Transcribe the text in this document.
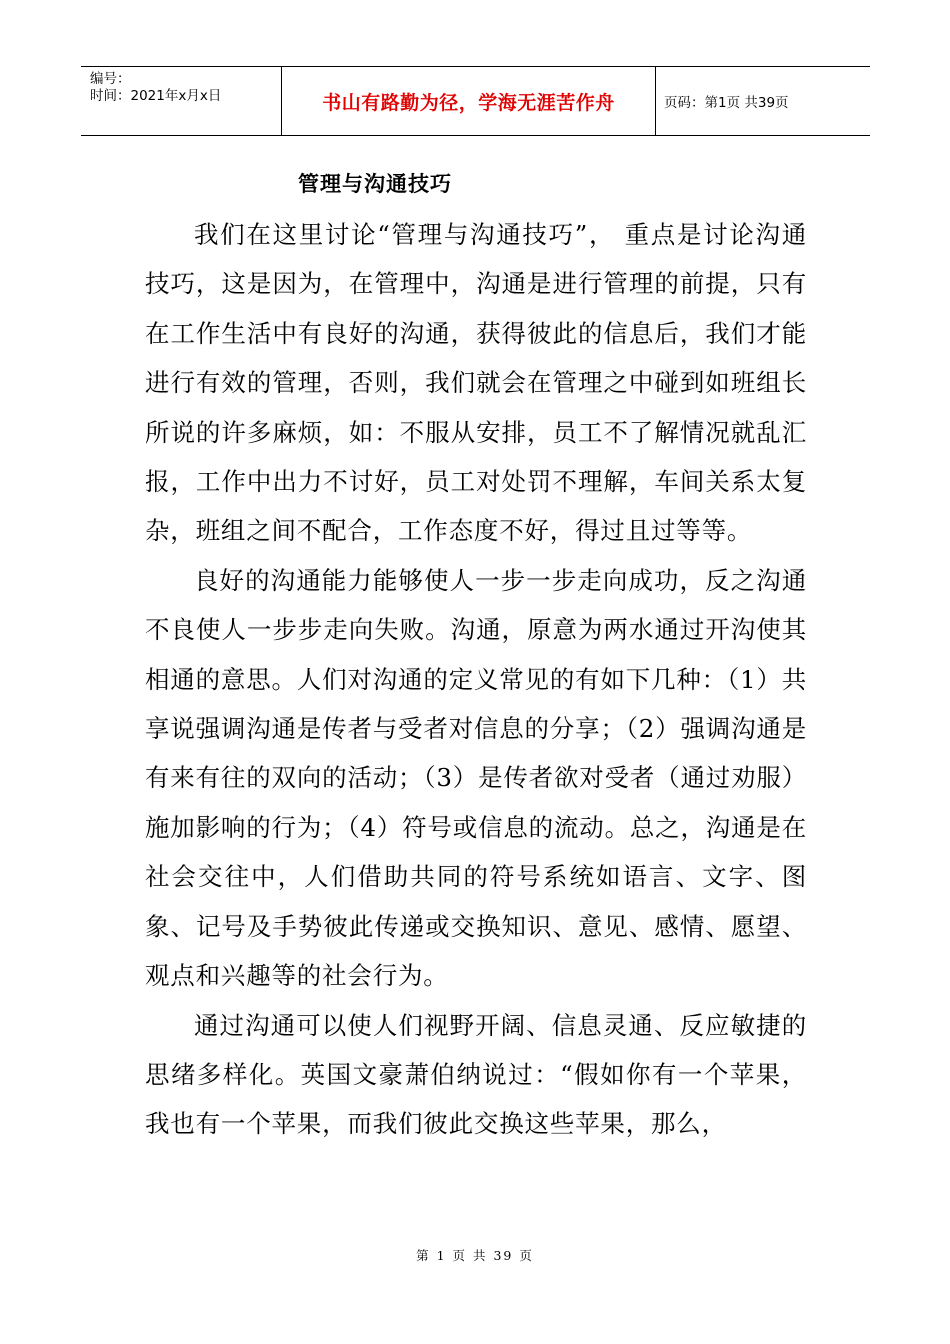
编号：
时间：2021年x月x日	书山有路勤为径，学海无涯苦作舟	页码：第1页 共39页
管理与沟通技巧

我们在这里讨论“管理与沟通技巧”， 重点是讨论沟通技巧，这是因为，在管理中，沟通是进行管理的前提，只有在工作生活中有良好的沟通，获得彼此的信息后，我们才能进行有效的管理，否则，我们就会在管理之中碰到如班组长所说的许多麻烦，如：不服从安排，员工不了解情况就乱汇报，工作中出力不讨好，员工对处罚不理解，车间关系太复杂，班组之间不配合，工作态度不好，得过且过等等。

良好的沟通能力能够使人一步一步走向成功，反之沟通不良使人一步步走向失败。沟通，原意为两水通过开沟使其相通的意思。人们对沟通的定义常见的有如下几种：（1）共享说强调沟通是传者与受者对信息的分享；（2）强调沟通是有来有往的双向的活动；（3）是传者欲对受者（通过劝服）施加影响的行为；（4）符号或信息的流动。总之，沟通是在社会交往中，人们借助共同的符号系统如语言、文字、图象、记号及手势彼此传递或交换知识、意见、感情、愿望、观点和兴趣等的社会行为。

通过沟通可以使人们视野开阔、信息灵通、反应敏捷的思绪多样化。英国文豪萧伯纳说过：“假如你有一个苹果，我也有一个苹果，而我们彼此交换这些苹果，那么，

第 1 页 共 39 页
